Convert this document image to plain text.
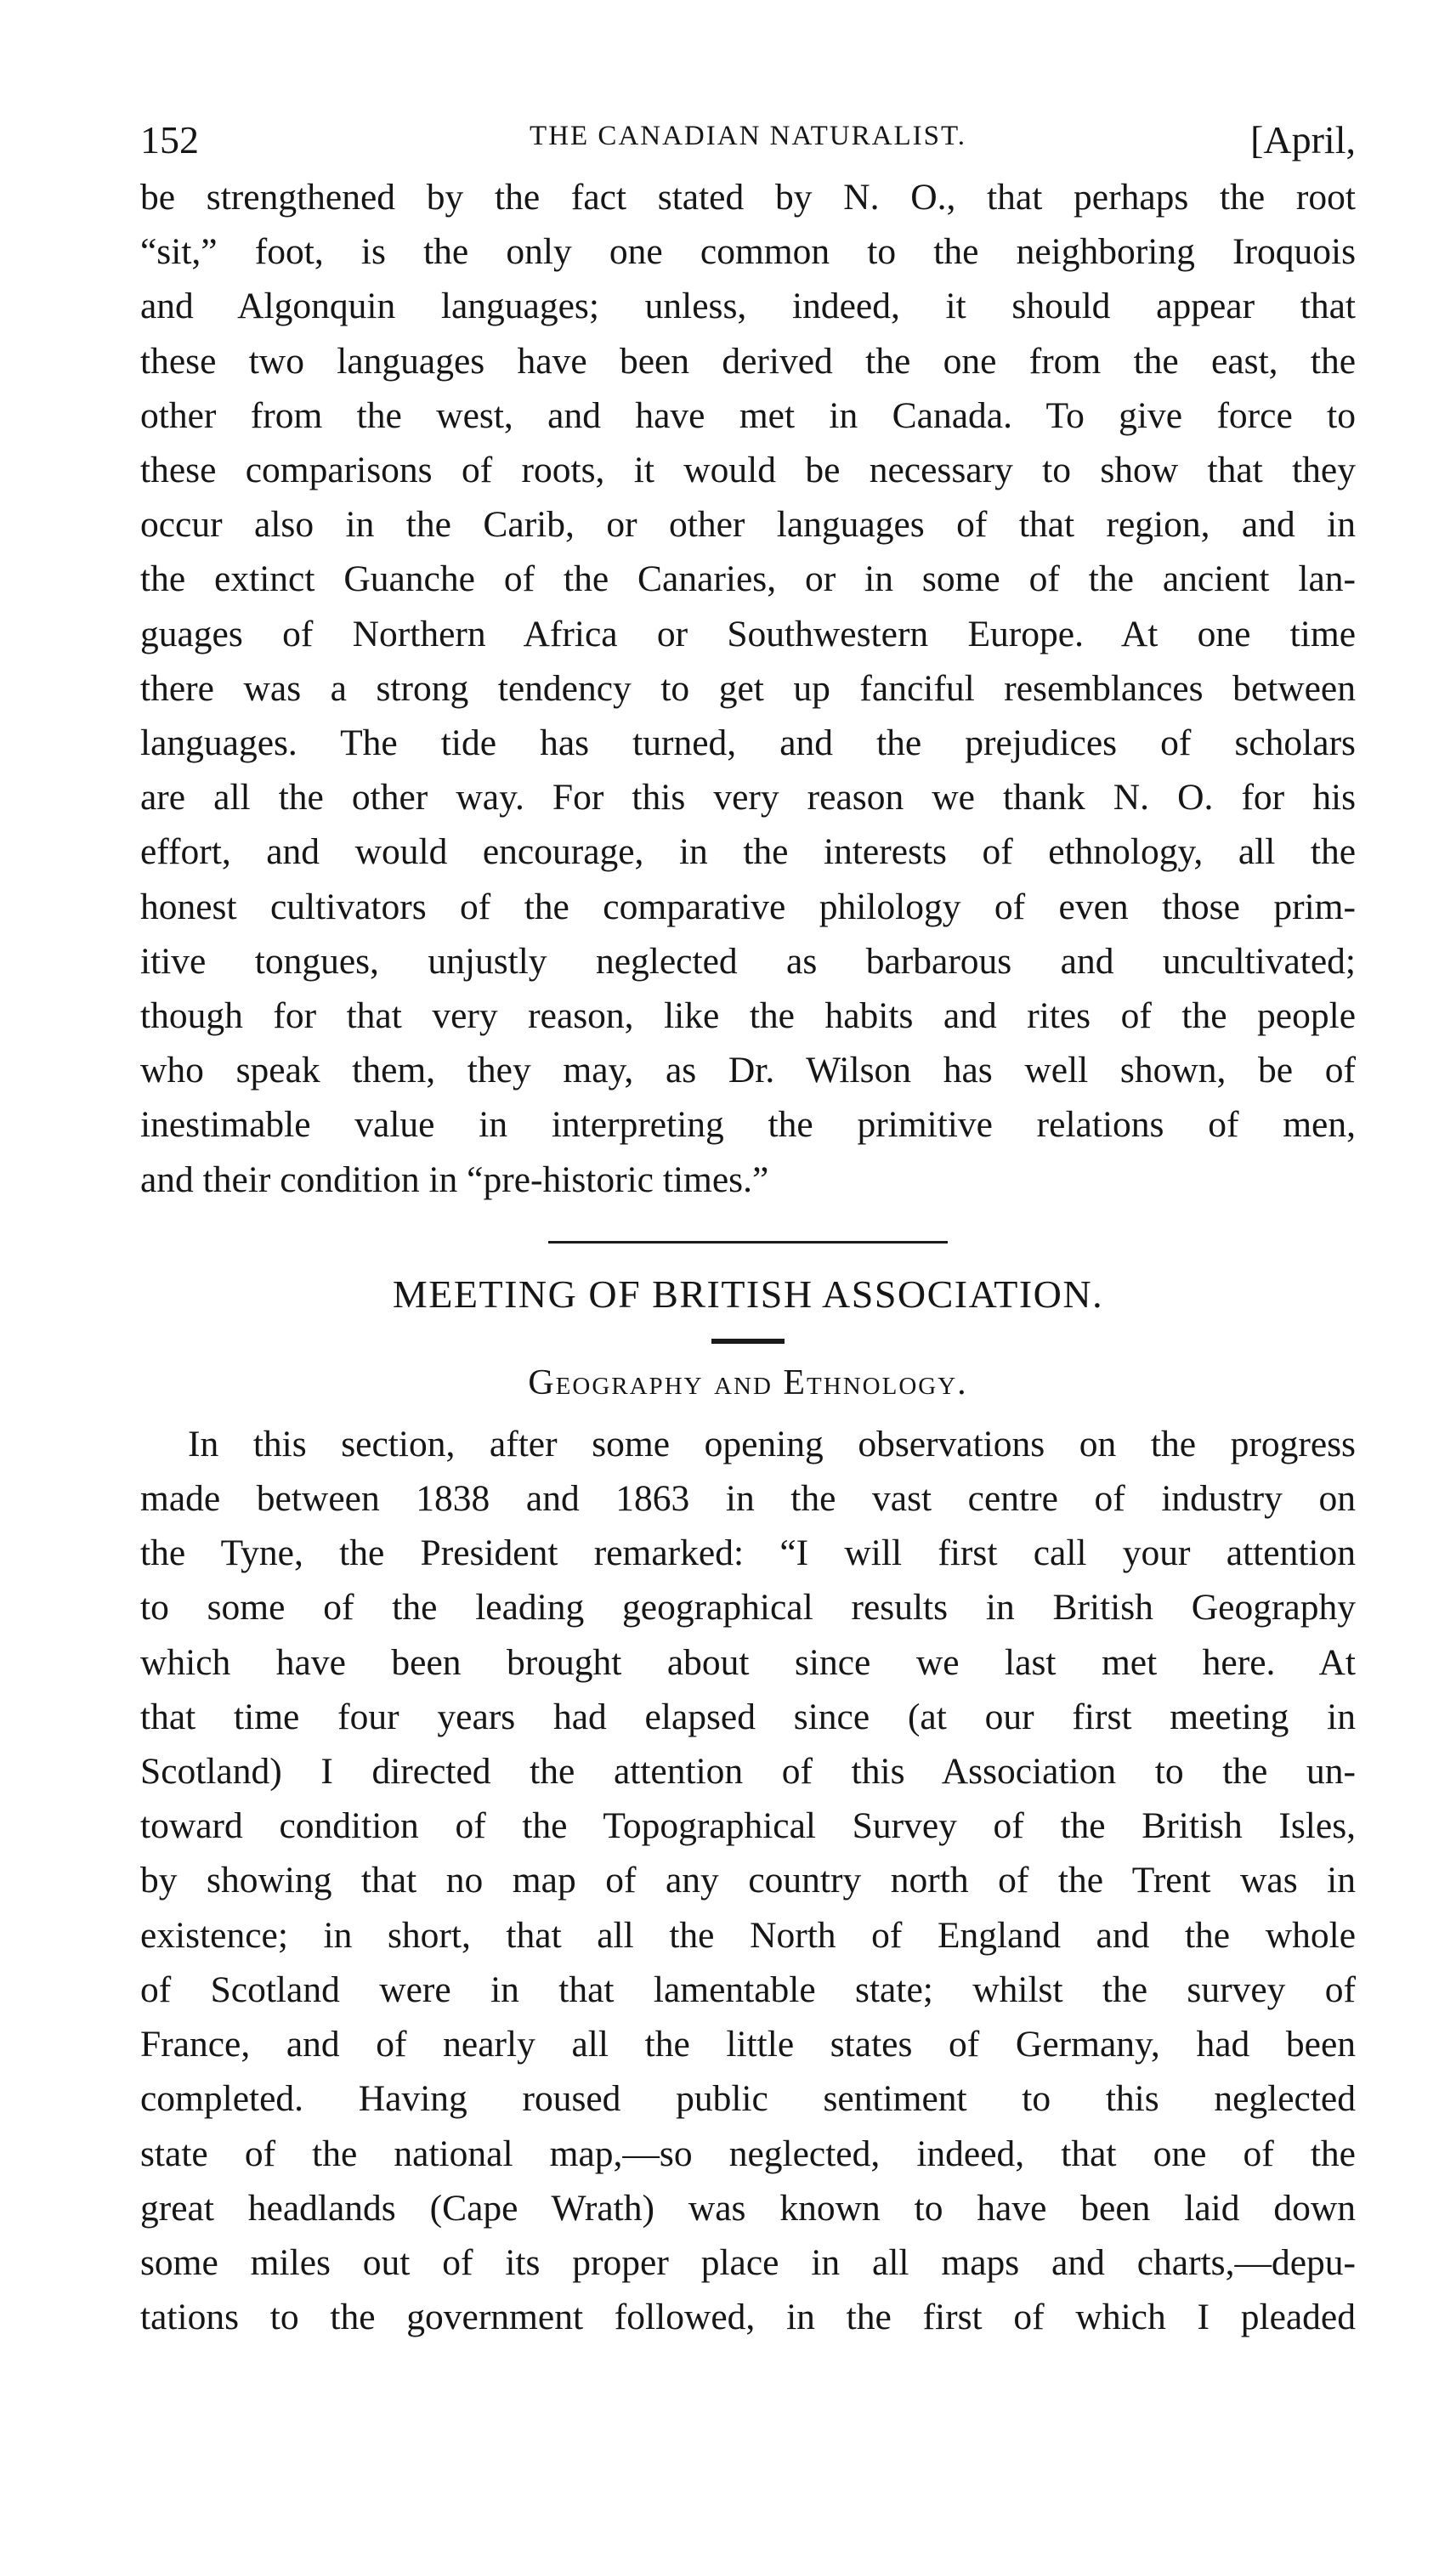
152	THE CANADIAN NATURALIST.	[April,
be strengthened by the fact stated by N. O., that perhaps the root
“sit,” foot, is the only one common to the neighboring Iroquois
and Algonquin languages; unless, indeed, it should appear that
these two languages have been derived the one from the east, the
other from the west, and have met in Canada. To give force to
these comparisons of roots, it would be necessary to show that they
occur also in the Carib, or other languages of that region, and in
the extinct Guanche of the Canaries, or in some of the ancient lan-
guages of Northern Africa or Southwestern Europe. At one time
there was a strong tendency to get up fanciful resemblances between
languages. The tide has turned, and the prejudices of scholars
are all the other way. For this very reason we thank N. O. for his
effort, and would encourage, in the interests of ethnology, all the
honest cultivators of the comparative philology of even those prim-
itive tongues, unjustly neglected as barbarous and uncultivated;
though for that very reason, like the habits and rites of the people
who speak them, they may, as Dr. Wilson has well shown, be of
inestimable value in interpreting the primitive relations of men,
and their condition in “pre-historic times.”
MEETING OF BRITISH ASSOCIATION.
Geography and Ethnology.
In this section, after some opening observations on the progress
made between 1838 and 1863 in the vast centre of industry on
the Tyne, the President remarked: “I will first call your attention
to some of the leading geographical results in British Geography
which have been brought about since we last met here. At
that time four years had elapsed since (at our first meeting in
Scotland) I directed the attention of this Association to the un-
toward condition of the Topographical Survey of the British Isles,
by showing that no map of any country north of the Trent was in
existence; in short, that all the North of England and the whole
of Scotland were in that lamentable state; whilst the survey of
France, and of nearly all the little states of Germany, had been
completed. Having roused public sentiment to this neglected
state of the national map,—so neglected, indeed, that one of the
great headlands (Cape Wrath) was known to have been laid down
some miles out of its proper place in all maps and charts,—depu-
tations to the government followed, in the first of which I pleaded
